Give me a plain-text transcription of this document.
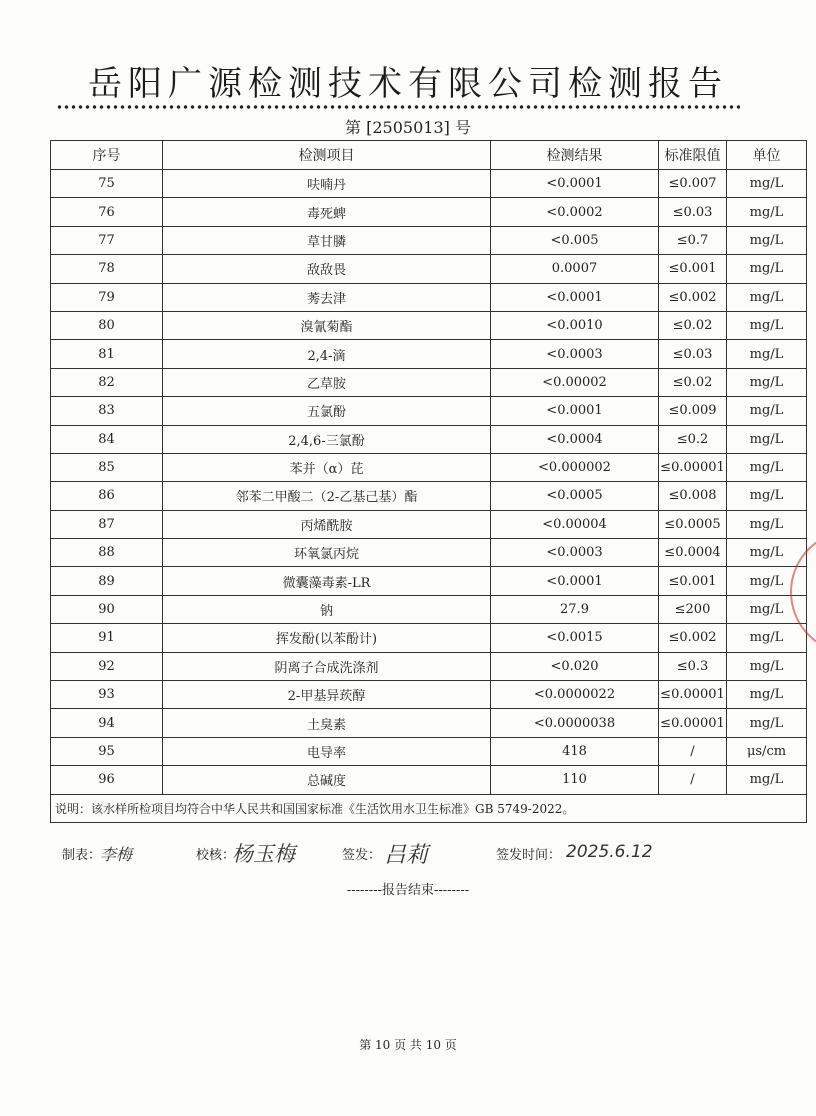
岳阳广源检测技术有限公司检测报告
第 [2505013] 号
序号	检测项目	检测结果	标准限值	单位
75	呋喃丹	<0.0001	≤0.007	mg/L
76	毒死蜱	<0.0002	≤0.03	mg/L
77	草甘膦	<0.005	≤0.7	mg/L
78	敌敌畏	0.0007	≤0.001	mg/L
79	莠去津	<0.0001	≤0.002	mg/L
80	溴氰菊酯	<0.0010	≤0.02	mg/L
81	2,4-滴	<0.0003	≤0.03	mg/L
82	乙草胺	<0.00002	≤0.02	mg/L
83	五氯酚	<0.0001	≤0.009	mg/L
84	2,4,6-三氯酚	<0.0004	≤0.2	mg/L
85	苯并（α）芘	<0.000002	≤0.00001	mg/L
86	邻苯二甲酸二（2-乙基己基）酯	<0.0005	≤0.008	mg/L
87	丙烯酰胺	<0.00004	≤0.0005	mg/L
88	环氧氯丙烷	<0.0003	≤0.0004	mg/L
89	微囊藻毒素-LR	<0.0001	≤0.001	mg/L
90	钠	27.9	≤200	mg/L
91	挥发酚(以苯酚计)	<0.0015	≤0.002	mg/L
92	阴离子合成洗涤剂	<0.020	≤0.3	mg/L
93	2-甲基异莰醇	<0.0000022	≤0.00001	mg/L
94	土臭素	<0.0000038	≤0.00001	mg/L
95	电导率	418	/	μs/cm
96	总碱度	110	/	mg/L
说明：该水样所检项目均符合中华人民共和国国家标准《生活饮用水卫生标准》GB 5749-2022。				
制表：
李梅	校核：
杨玉梅	签发： 吕莉	签发时间： 2025.6.12
--------报告结束--------
第 10 页 共 10 页
